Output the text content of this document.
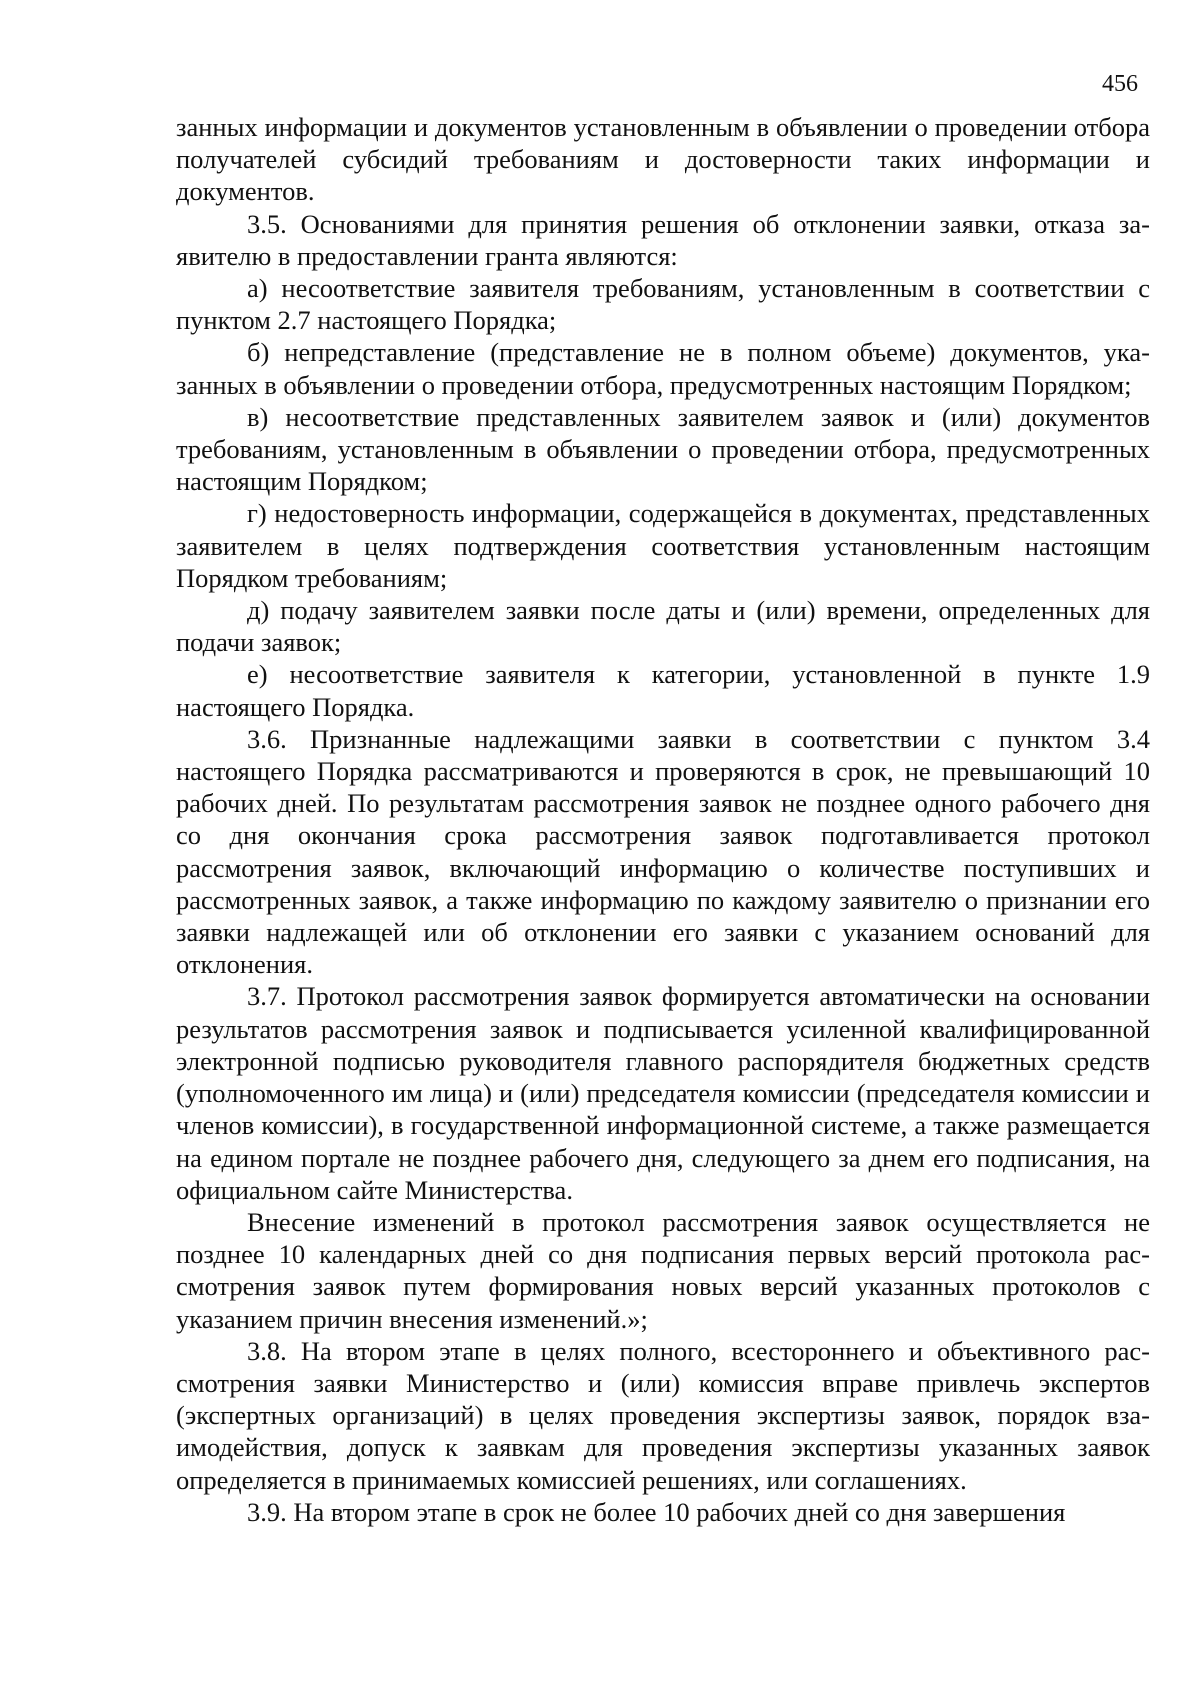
456

занных информации и документов установленным в объявлении о проведении отбора получателей субсидий требованиям и достоверности таких информации и документов.

3.5. Основаниями для принятия решения об отклонении заявки, отказа заявителю в предоставлении гранта являются:

а) несоответствие заявителя требованиям, установленным в соответствии с пунктом 2.7 настоящего Порядка;

б) непредставление (представление не в полном объеме) документов, указанных в объявлении о проведении отбора, предусмотренных настоящим Порядком;

в) несоответствие представленных заявителем заявок и (или) документов требованиям, установленным в объявлении о проведении отбора, предусмотренных настоящим Порядком;

г) недостоверность информации, содержащейся в документах, представленных заявителем в целях подтверждения соответствия установленным настоящим Порядком требованиям;

д) подачу заявителем заявки после даты и (или) времени, определенных для подачи заявок;

е) несоответствие заявителя к категории, установленной в пункте 1.9 настоящего Порядка.

3.6. Признанные надлежащими заявки в соответствии с пунктом 3.4 настоящего Порядка рассматриваются и проверяются в срок, не превышающий 10 рабочих дней. По результатам рассмотрения заявок не позднее одного рабочего дня со дня окончания срока рассмотрения заявок подготавливается протокол рассмотрения заявок, включающий информацию о количестве поступивших и рассмотренных заявок, а также информацию по каждому заявителю о признании его заявки надлежащей или об отклонении его заявки с указанием оснований для отклонения.

3.7. Протокол рассмотрения заявок формируется автоматически на основании результатов рассмотрения заявок и подписывается усиленной квалифицированной электронной подписью руководителя главного распорядителя бюджетных средств (уполномоченного им лица) и (или) председателя комиссии (председателя комиссии и членов комиссии), в государственной информационной системе, а также размещается на едином портале не позднее рабочего дня, следующего за днем его подписания, на официальном сайте Министерства.

Внесение изменений в протокол рассмотрения заявок осуществляется не позднее 10 календарных дней со дня подписания первых версий протокола рассмотрения заявок путем формирования новых версий указанных протоколов с указанием причин внесения изменений.»;

3.8. На втором этапе в целях полного, всестороннего и объективного рассмотрения заявки Министерство и (или) комиссия вправе привлечь экспертов (экспертных организаций) в целях проведения экспертизы заявок, порядок взаимодействия, допуск к заявкам для проведения экспертизы указанных заявок определяется в принимаемых комиссией решениях, или соглашениях.

3.9. На втором этапе в срок не более 10 рабочих дней со дня завершения
